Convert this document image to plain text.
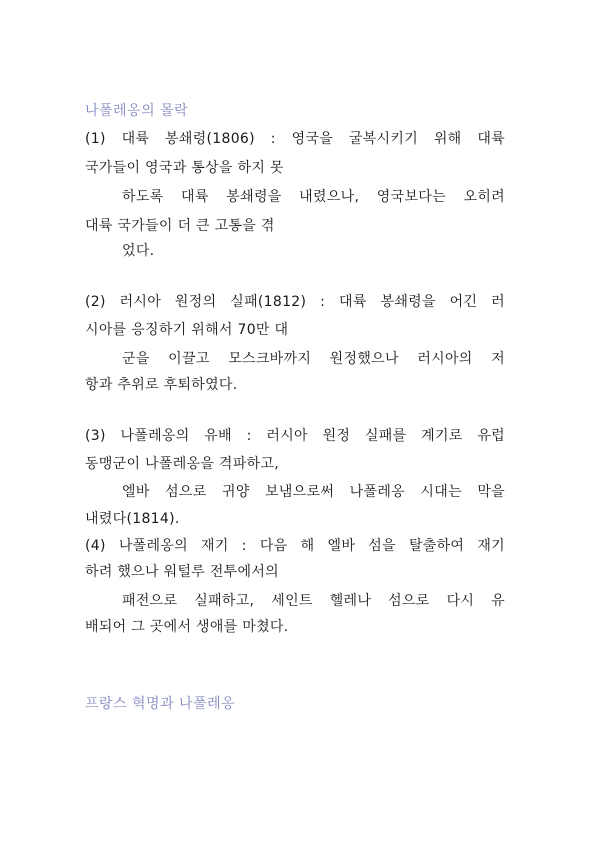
나폴레옹의 몰락
(1) 대륙 봉쇄령(1806) : 영국을 굴복시키기 위해 대륙
국가들이 영국과 통상을 하지 못
하도록 대륙 봉쇄령을 내렸으나, 영국보다는 오히려
대륙 국가들이 더 큰 고통을 겪
었다.
(2) 러시아 원정의 실패(1812) : 대륙 봉쇄령을 어긴 러
시아를 응징하기 위해서 70만 대
군을 이끌고 모스크바까지 원정했으나 러시아의 저
항과 추위로 후퇴하였다.
(3) 나폴레옹의 유배 : 러시아 원정 실패를 계기로 유럽
동맹군이 나폴레옹을 격파하고,
엘바 섬으로 귀양 보냄으로써 나폴레옹 시대는 막을
내렸다(1814).
(4) 나폴레옹의 재기 : 다음 해 엘바 섬을 탈출하여 재기
하려 했으나 워털루 전투에서의
패전으로 실패하고, 세인트 헬레나 섬으로 다시 유
배되어 그 곳에서 생애를 마쳤다.
프랑스 혁명과 나폴레옹
